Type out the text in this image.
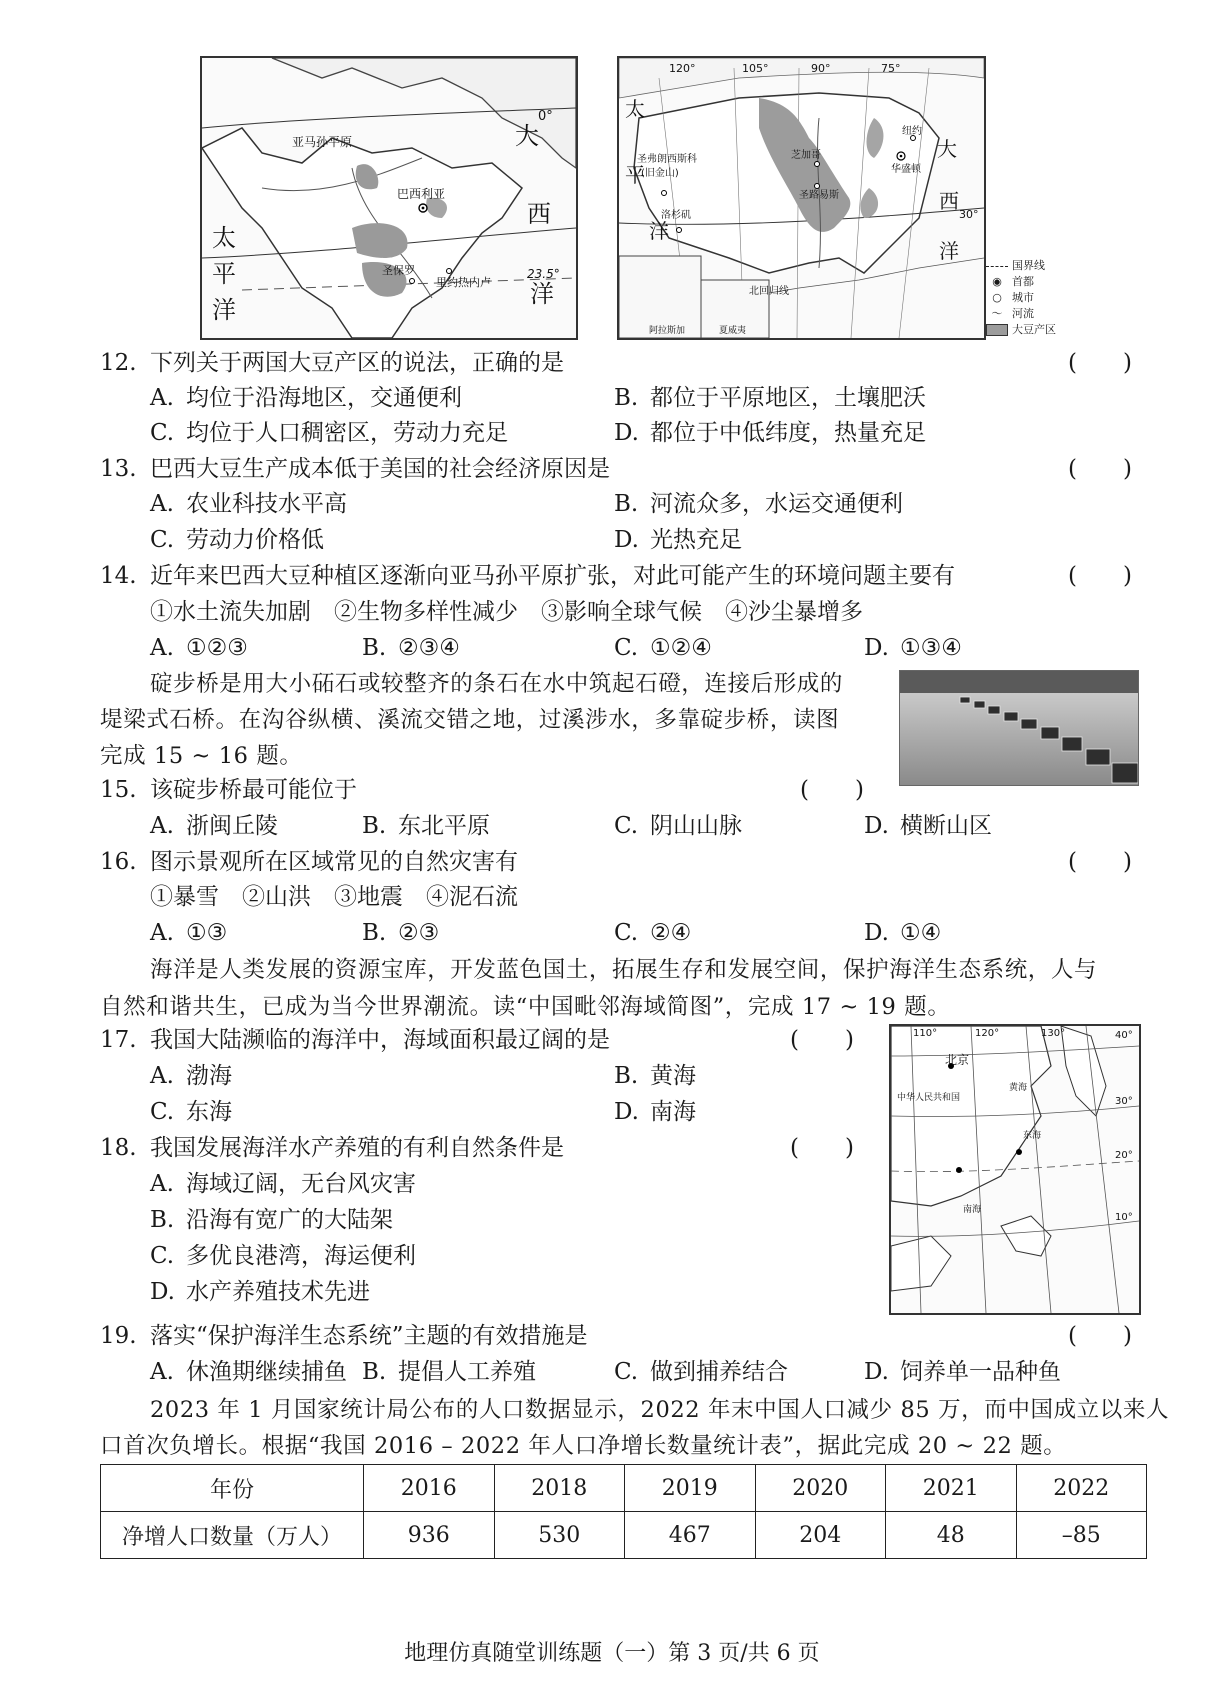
0°
大
西
洋
太
平
洋
亚马孙平原
巴西利亚
圣保罗
里约热内卢
23.5°
120°	105°	90°	75°
30°
太
平
洋
大
西
洋
圣弗朗西斯科
(旧金山)
洛杉矶
芝加哥
圣路易斯
华盛顿
纽约
北回归线
阿拉斯加	夏威夷
国界线
◉ 首都
○ 城市
〜 河流
大豆产区
12. 下列关于两国大豆产区的说法，正确的是	(　　)
A. 均位于沿海地区，交通便利	B. 都位于平原地区，土壤肥沃
C. 均位于人口稠密区，劳动力充足	D. 都位于中低纬度，热量充足
13. 巴西大豆生产成本低于美国的社会经济原因是	(　　)
A. 农业科技水平高	B. 河流众多，水运交通便利
C. 劳动力价格低	D. 光热充足
14. 近年来巴西大豆种植区逐渐向亚马孙平原扩张，对此可能产生的环境问题主要有	(　　)
①水土流失加剧　②生物多样性减少　③影响全球气候　④沙尘暴增多
A. ①②③	B. ②③④	C. ①②④	D. ①③④
碇步桥是用大小砳石或较整齐的条石在水中筑起石磴，连接后形成的
堤梁式石桥。在沟谷纵横、溪流交错之地，过溪涉水，多靠碇步桥，读图
完成 15 ~ 16 题。
15. 该碇步桥最可能位于	(　　)
A. 浙闽丘陵	B. 东北平原	C. 阴山山脉	D. 横断山区
16. 图示景观所在区域常见的自然灾害有	(　　)
①暴雪　②山洪　③地震　④泥石流
A. ①③	B. ②③	C. ②④	D. ①④
海洋是人类发展的资源宝库，开发蓝色国土，拓展生存和发展空间，保护海洋生态系统，人与
自然和谐共生，已成为当今世界潮流。读“中国毗邻海域简图”，完成 17 ~ 19 题。
110°	120°	130°	40°
30°
20°
10°
北京
中华人民共和国
黄海
东海
南海
17. 我国大陆濒临的海洋中，海域面积最辽阔的是	(　　)
A. 渤海	B. 黄海
C. 东海	D. 南海
18. 我国发展海洋水产养殖的有利自然条件是	(　　)
A. 海域辽阔，无台风灾害
B. 沿海有宽广的大陆架
C. 多优良港湾，海运便利
D. 水产养殖技术先进
19. 落实“保护海洋生态系统”主题的有效措施是	(　　)
A. 休渔期继续捕鱼 B. 提倡人工养殖	C. 做到捕养结合	D. 饲养单一品种鱼
2023 年 1 月国家统计局公布的人口数据显示，2022 年末中国人口减少 85 万，而中国成立以来人
口首次负增长。根据“我国 2016 – 2022 年人口净增长数量统计表”，据此完成 20 ~ 22 题。
年份	2016	2018	2019	2020	2021	2022
净增人口数量（万人）	936	530	467	204	48	–85
地理仿真随堂训练题（一）第 3 页/共 6 页
